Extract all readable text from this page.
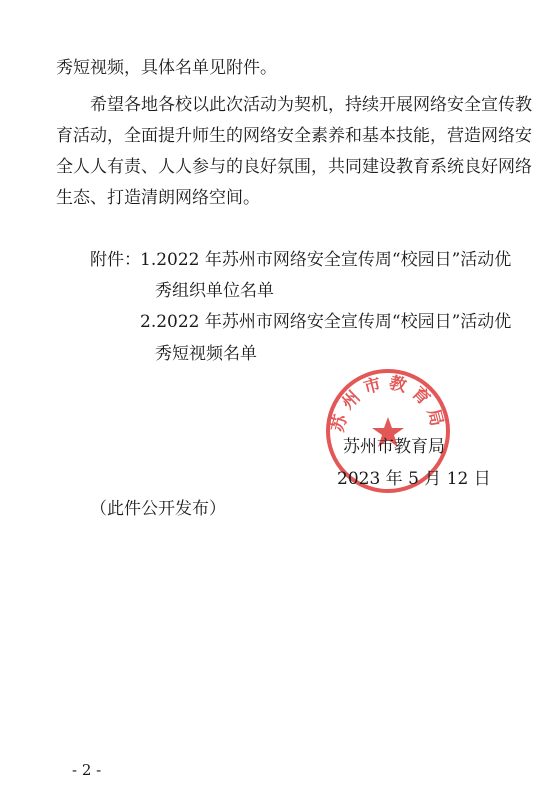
秀短视频，具体名单见附件。
希望各地各校以此次活动为契机，持续开展网络安全宣传教
育活动，全面提升师生的网络安全素养和基本技能，营造网络安
全人人有责、人人参与的良好氛围，共同建设教育系统良好网络
生态、打造清朗网络空间。
附件： 1.2022 年苏州市网络安全宣传周“校园日”活动优
秀组织单位名单
2.2022 年苏州市网络安全宣传周“校园日”活动优
秀短视频名单
苏州市教育局
苏州市教育局
2023 年 5 月 12 日
（此件公开发布）
- 2 -
